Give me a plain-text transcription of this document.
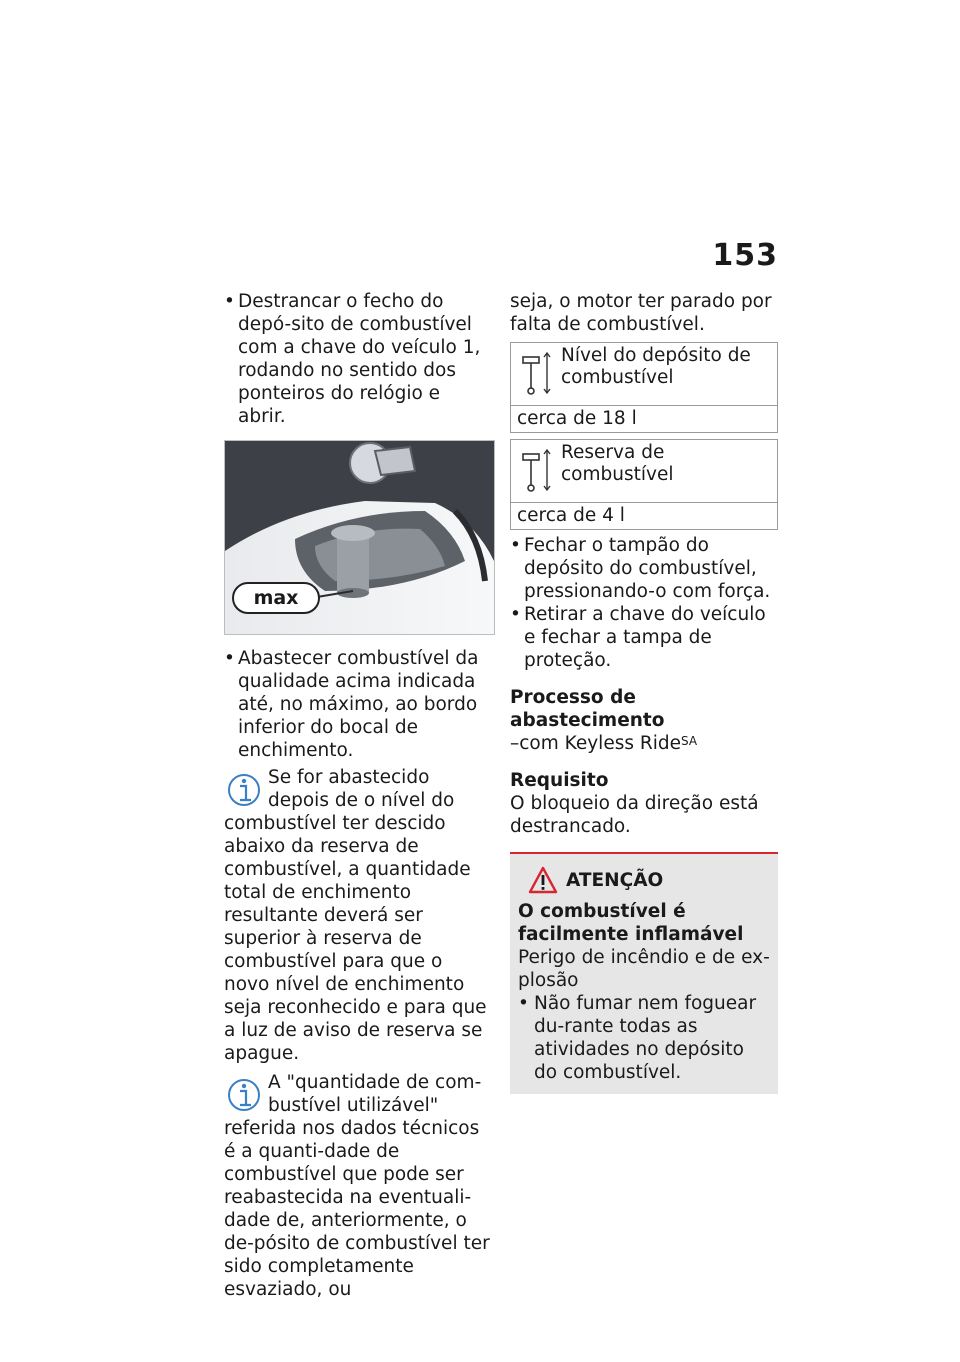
153

• Destrancar o fecho do depó-sito de combustível com a chave do veículo 1, rodando no sentido dos ponteiros do relógio e abrir.

max

• Abastecer combustível da qualidade acima indicada até, no máximo, ao bordo inferior do bocal de enchimento.

Se for abastecido depois de o nível do combustível ter descido abaixo da reserva de combustível, a quantidade total de enchimento resultante deverá ser superior à reserva de combustível para que o novo nível de enchimento seja reconhecido e para que a luz de aviso de reserva se apague.

A "quantidade de com-bustível utilizável" referida nos dados técnicos é a quanti-dade de combustível que pode ser reabastecida na eventuali-dade de, anteriormente, o de-pósito de combustível ter sido completamente esvaziado, ou

seja, o motor ter parado por falta de combustível.

Nível do depósito de combustível
cerca de 18 l
Reserva de combustível
cerca de 4 l

• Fechar o tampão do depósito do combustível, pressionando-o com força.

• Retirar a chave do veículo e fechar a tampa de proteção.

Processo de abastecimento

–com Keyless Ride$^{SA}$

Requisito

O bloqueio da direção está destrancado.

ATENÇÃO

O combustível é facilmente inflamável

Perigo de incêndio e de ex-plosão

• Não fumar nem foguear du-rante todas as atividades no depósito do combustível.
